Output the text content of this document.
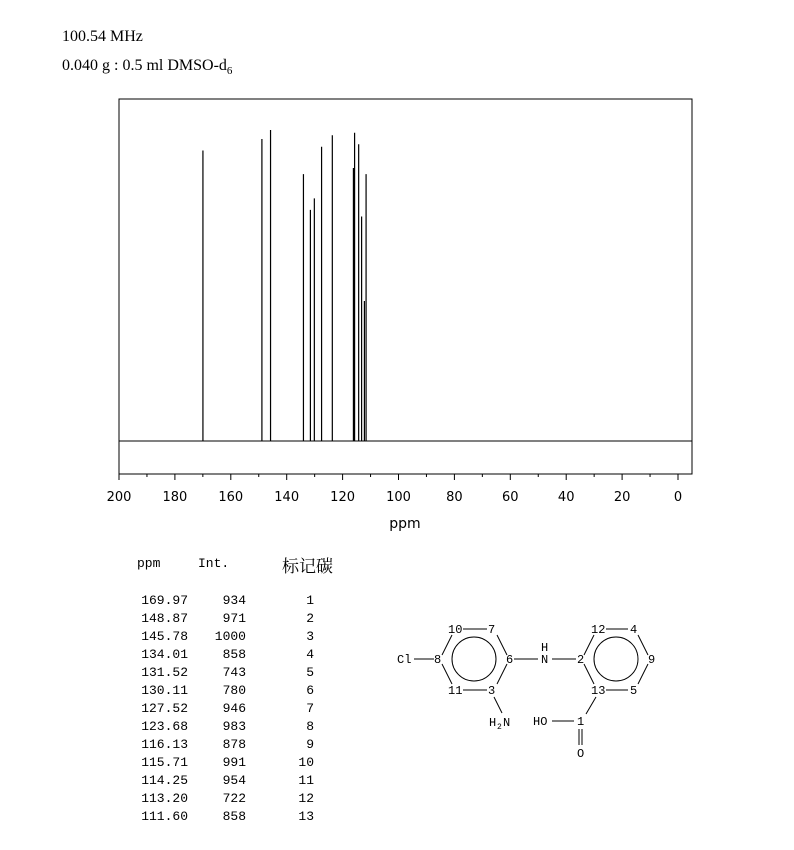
100.54 MHz
0.040 g : 0.5 ml DMSO-$d_6$
200 180 160 140 120 100	80	60	40	20	0
ppm
ppm	Int.	标记碳
169.97	934	1
148.87	971	2
145.78	1000	3
134.01	858	4
131.52	743	5
130.11	780	6
127.52	946	7
123.68	983	8
116.13	878	9
115.71	991	10
114.25	954	11
113.20	722	12
111.60	858	13
Cl 8
10 7
6
3
11
H
N 2
12 4
9
5
13
H 2 N HO 1
O
